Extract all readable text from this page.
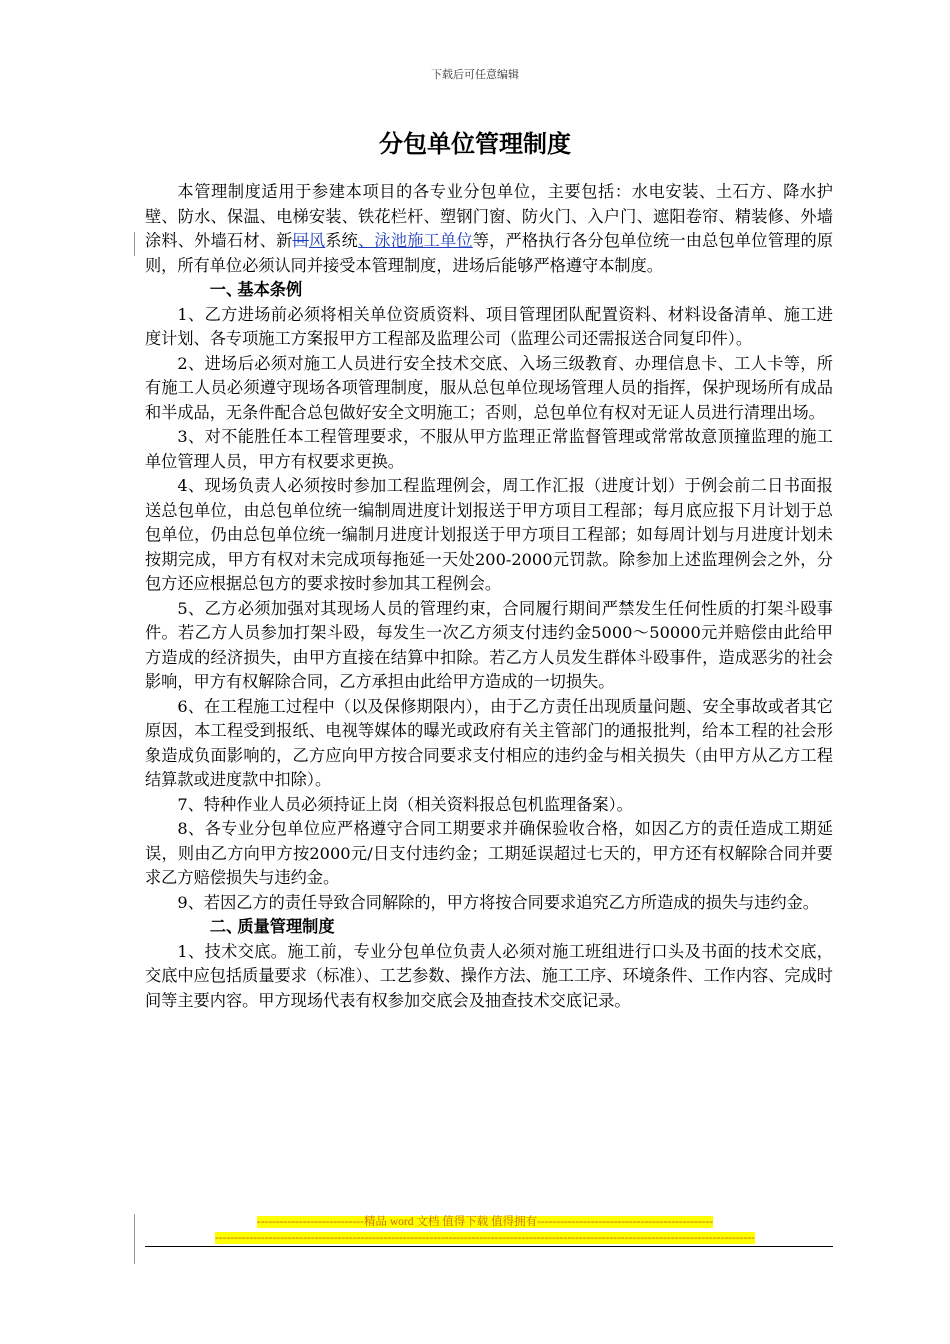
下载后可任意编辑
分包单位管理制度

本管理制度适用于参建本项目的各专业分包单位，主要包括：水电安装、土石方、降水护壁、防水、保温、电梯安装、铁花栏杆、塑钢门窗、防火门、入户门、遮阳卷帘、精装修、外墙涂料、外墙石材、新回风系统、泳池施工单位等，严格执行各分包单位统一由总包单位管理的原则，所有单位必须认同并接受本管理制度，进场后能够严格遵守本制度。

一、基本条例

1、乙方进场前必须将相关单位资质资料、项目管理团队配置资料、材料设备清单、施工进度计划、各专项施工方案报甲方工程部及监理公司（监理公司还需报送合同复印件）。

2、进场后必须对施工人员进行安全技术交底、入场三级教育、办理信息卡、工人卡等，所有施工人员必须遵守现场各项管理制度，服从总包单位现场管理人员的指挥，保护现场所有成品和半成品，无条件配合总包做好安全文明施工；否则，总包单位有权对无证人员进行清理出场。

3、对不能胜任本工程管理要求，不服从甲方监理正常监督管理或常常故意顶撞监理的施工单位管理人员，甲方有权要求更换。

4、现场负责人必须按时参加工程监理例会，周工作汇报（进度计划）于例会前二日书面报送总包单位，由总包单位统一编制周进度计划报送于甲方项目工程部；每月底应报下月计划于总包单位，仍由总包单位统一编制月进度计划报送于甲方项目工程部；如每周计划与月进度计划未按期完成，甲方有权对未完成项每拖延一天处200-2000元罚款。除参加上述监理例会之外，分包方还应根据总包方的要求按时参加其工程例会。

5、乙方必须加强对其现场人员的管理约束，合同履行期间严禁发生任何性质的打架斗殴事件。若乙方人员参加打架斗殴，每发生一次乙方须支付违约金5000～50000元并赔偿由此给甲方造成的经济损失，由甲方直接在结算中扣除。若乙方人员发生群体斗殴事件，造成恶劣的社会影响，甲方有权解除合同，乙方承担由此给甲方造成的一切损失。

6、在工程施工过程中（以及保修期限内），由于乙方责任出现质量问题、安全事故或者其它原因，本工程受到报纸、电视等媒体的曝光或政府有关主管部门的通报批判，给本工程的社会形象造成负面影响的，乙方应向甲方按合同要求支付相应的违约金与相关损失（由甲方从乙方工程结算款或进度款中扣除）。

7、特种作业人员必须持证上岗（相关资料报总包机监理备案）。

8、各专业分包单位应严格遵守合同工期要求并确保验收合格，如因乙方的责任造成工期延误，则由乙方向甲方按2000元/日支付违约金；工期延误超过七天的，甲方还有权解除合同并要求乙方赔偿损失与违约金。

9、若因乙方的责任导致合同解除的，甲方将按合同要求追究乙方所造成的损失与违约金。

二、质量管理制度

1、技术交底。施工前，专业分包单位负责人必须对施工班组进行口头及书面的技术交底，交底中应包括质量要求（标准）、工艺参数、操作方法、施工工序、环境条件、工作内容、完成时间等主要内容。甲方现场代表有权参加交底会及抽查技术交底记录。

----------------------------精品 word 文档 值得下载 值得拥有----------------------------------------------
---------------------------------------------------------------------------------------------------------------------------------------------
